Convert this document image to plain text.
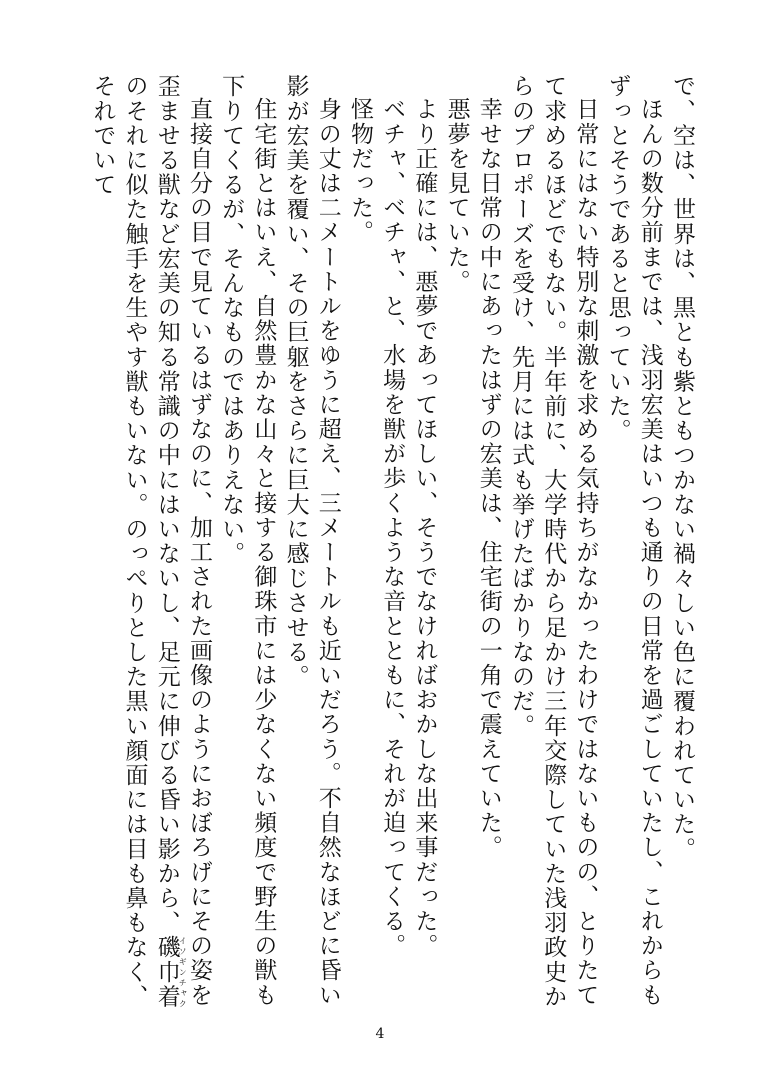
で、空は、世界は、黒とも紫ともつかない禍々しい色に覆われていた。

ほんの数分前までは、浅羽宏美はいつも通りの日常を過ごしていたし、これからもずっとそうであると思っていた。

日常にはない特別な刺激を求める気持ちがなかったわけではないものの、とりたてて求めるほどでもない。半年前に、大学時代から足かけ三年交際していた浅羽政史からのプロポーズを受け、先月には式も挙げたばかりなのだ。

幸せな日常の中にあったはずの宏美は、住宅街の一角で震えていた。

悪夢を見ていた。

より正確には、悪夢であってほしい、そうでなければおかしな出来事だった。

ベチャ、ベチャ、と、水場を獣が歩くような音とともに、それが迫ってくる。

怪物だった。

身の丈は二メートルをゆうに超え、三メートルも近いだろう。不自然なほどに昏い影が宏美を覆い、その巨躯をさらに巨大に感じさせる。

住宅街とはいえ、自然豊かな山々と接する御珠市には少なくない頻度で野生の獣も下りてくるが、そんなものではありえない。

直接自分の目で見ているはずなのに、加工された画像のようにおぼろげにその姿を歪ませる獣など宏美の知る常識の中にはいないし、足元に伸びる昏い影から、磯巾着イソギンチャクのそれに似た触手を生やす獣もいない。のっぺりとした黒い顔面には目も鼻もなく、それでいて

4
